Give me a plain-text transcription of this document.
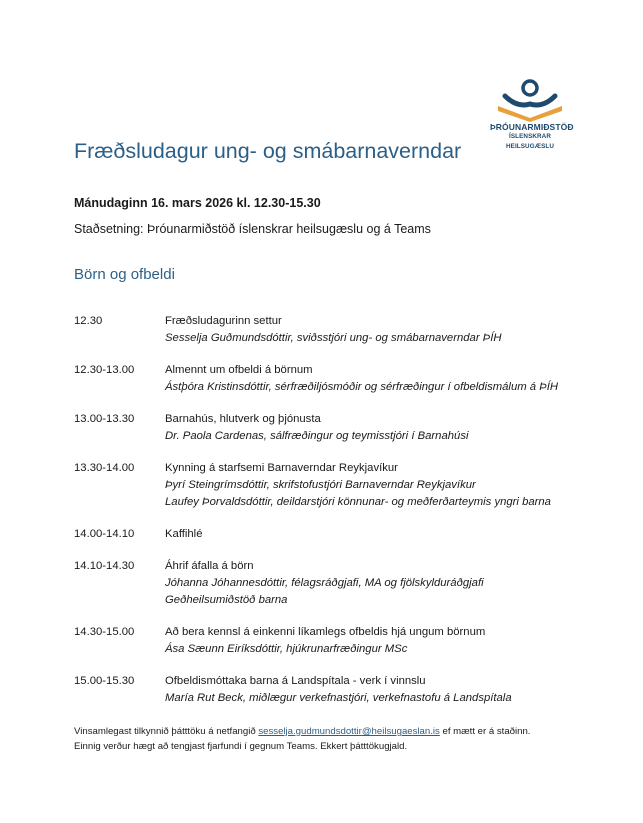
ÞRÓUNARMIÐSTÖÐ
ÍSLENSKRAR HEILSUGÆSLU
Fræðsludagur ung- og smábarnaverndar
Mánudaginn 16. mars 2026 kl. 12.30-15.30
Staðsetning: Þróunarmiðstöð íslenskrar heilsugæslu og á Teams
Börn og ofbeldi
12.30	Fræðsludagurinn settur
Sesselja Guðmundsdóttir, sviðsstjóri ung- og smábarnaverndar ÞÍH
12.30-13.00	Almennt um ofbeldi á börnum
Ástþóra Kristinsdóttir, sérfræðiljósmóðir og sérfræðingur í ofbeldismálum á ÞÍH
13.00-13.30	Barnahús, hlutverk og þjónusta
Dr. Paola Cardenas, sálfræðingur og teymisstjóri í Barnahúsi
13.30-14.00	Kynning á starfsemi Barnaverndar Reykjavíkur
Þyrí Steingrímsdóttir, skrifstofustjóri Barnaverndar Reykjavíkur
Laufey Þorvaldsdóttir, deildarstjóri könnunar- og meðferðarteymis yngri barna
14.00-14.10	Kaffihlé
14.10-14.30	Áhrif áfalla á börn
Jóhanna Jóhannesdóttir, félagsráðgjafi, MA og fjölskylduráðgjafi
Geðheilsumiðstöð barna
14.30-15.00	Að bera kennsl á einkenni líkamlegs ofbeldis hjá ungum börnum
Ása Sæunn Eiríksdóttir, hjúkrunarfræðingur MSc
15.00-15.30	Ofbeldismóttaka barna á Landspítala - verk í vinnslu
María Rut Beck, miðlægur verkefnastjóri, verkefnastofu á Landspítala
Vinsamlegast tilkynnið þátttöku á netfangið sesselja.gudmundsdottir@heilsugaeslan.is ef mætt er á staðinn.
Einnig verður hægt að tengjast fjarfundi í gegnum Teams. Ekkert þátttökugjald.
